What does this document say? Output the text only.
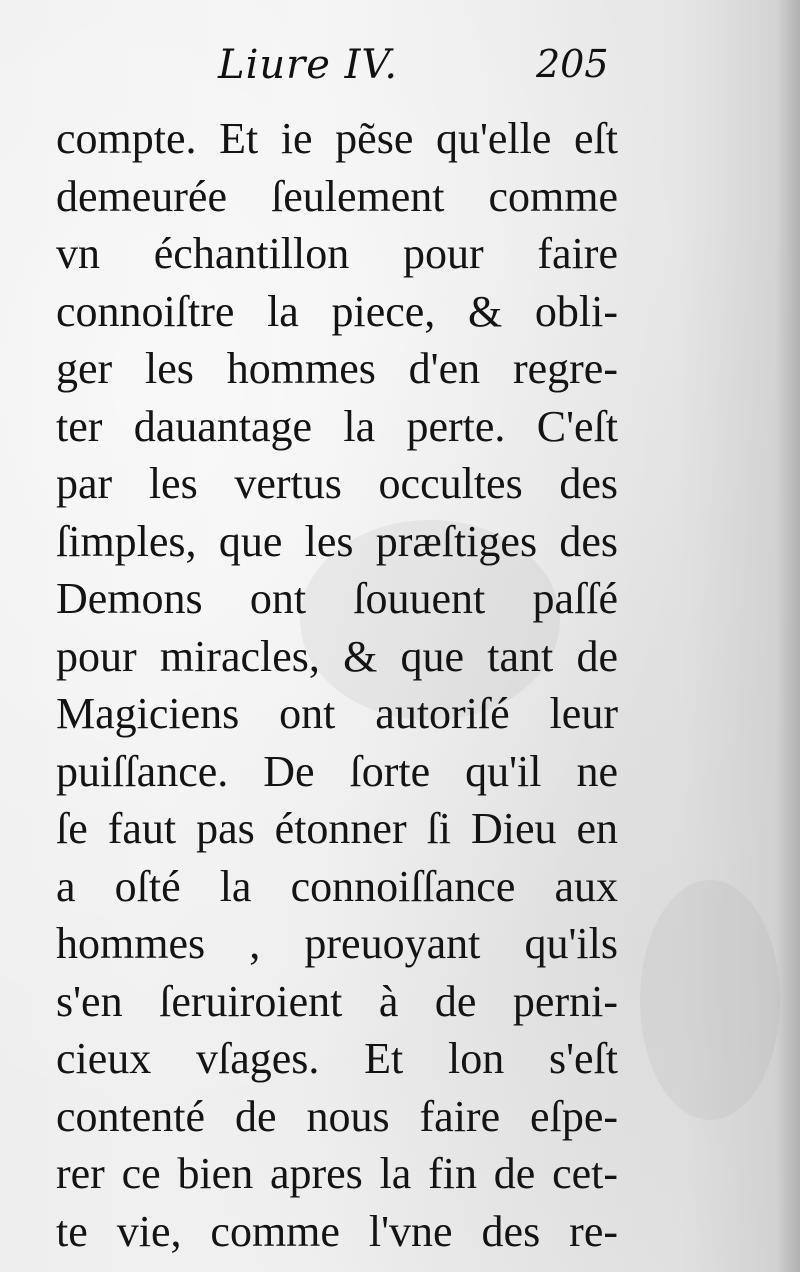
Liure IV.	205
compte. Et ie pẽse qu'elle eſt
demeurée ſeulement comme
vn échantillon pour faire
connoiſtre la piece, & obli-
ger les hommes d'en regre-
ter dauantage la perte. C'eſt
par les vertus occultes des
ſimples, que les præſtiges des
Demons ont ſouuent paſſé
pour miracles, & que tant de
Magiciens ont autoriſé leur
puiſſance. De ſorte qu'il ne
ſe faut pas étonner ſi Dieu en
a oſté la connoiſſance aux
hommes , preuoyant qu'ils
s'en ſeruiroient à de perni-
cieux vſages. Et lon s'eſt
contenté de nous faire eſpe-
rer ce bien apres la fin de cet-
te vie, comme l'vne des re-
